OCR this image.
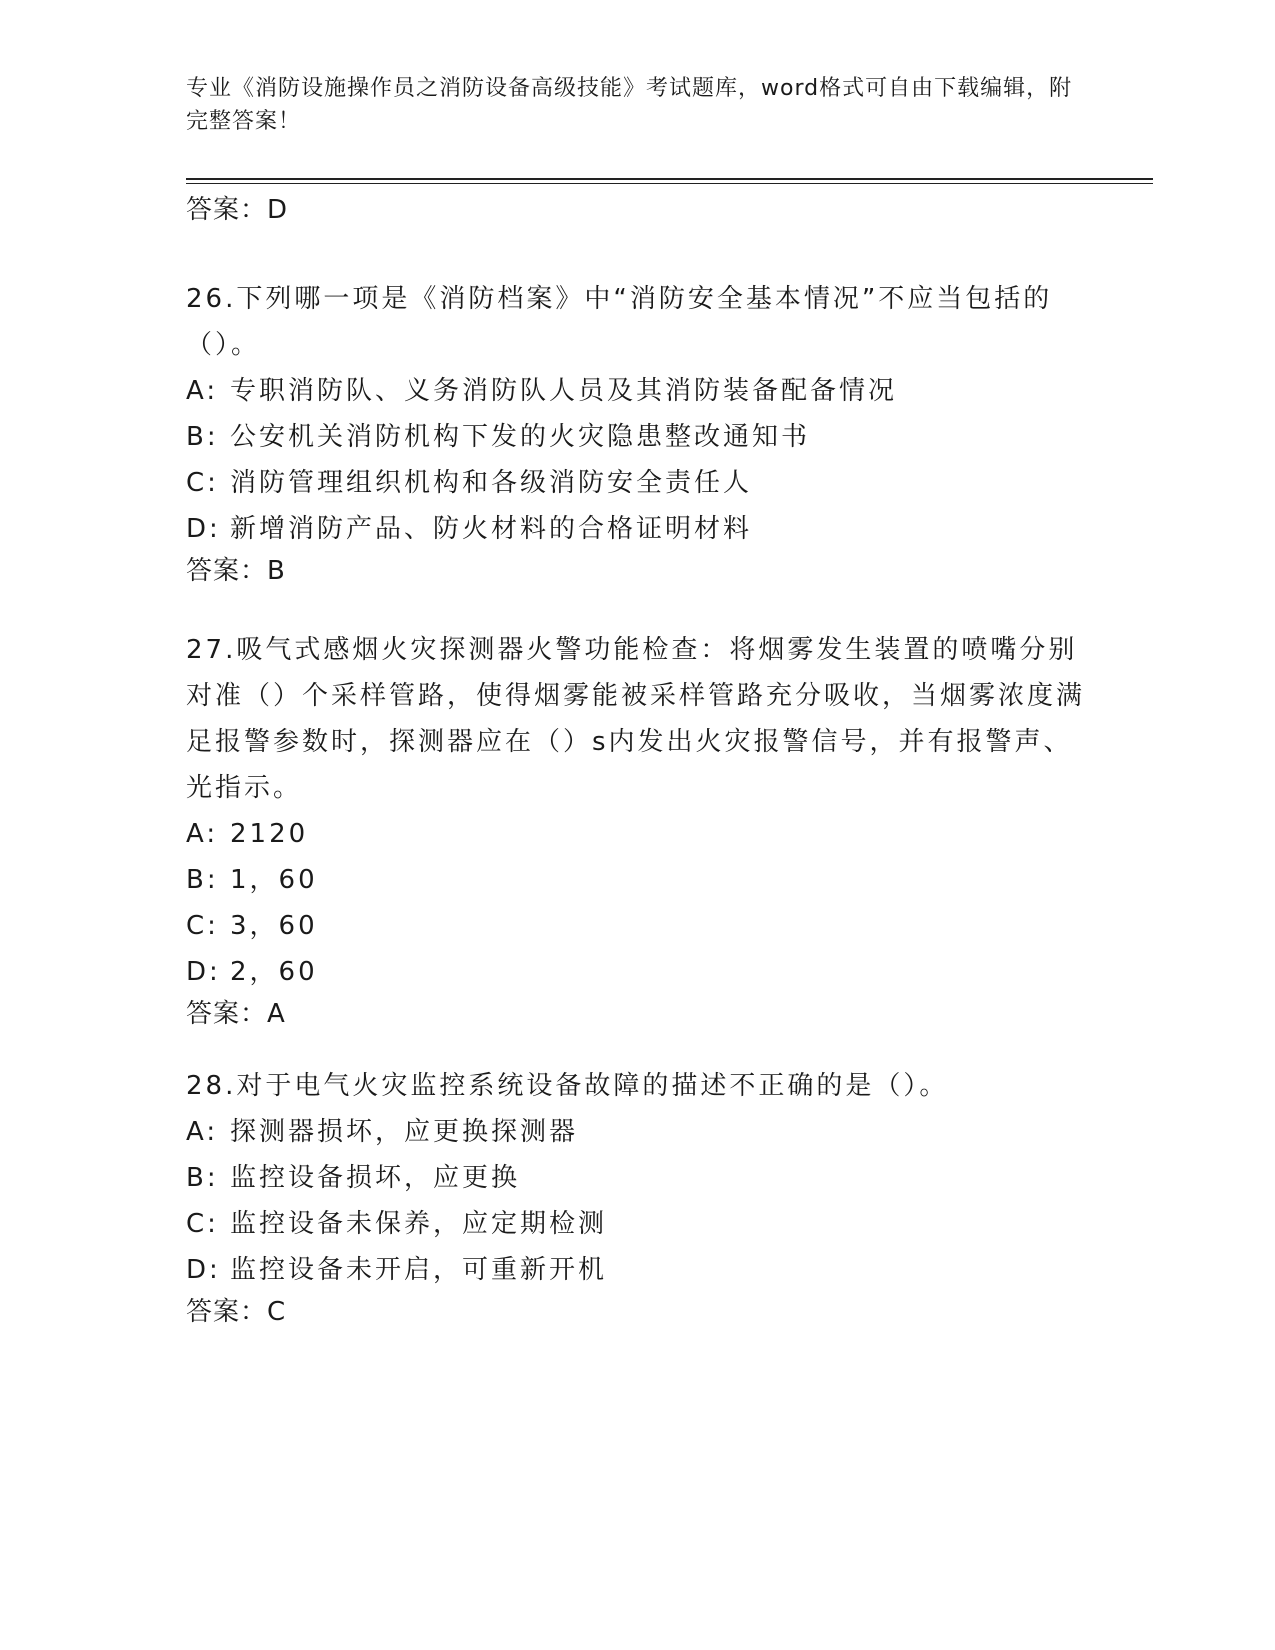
专业《消防设施操作员之消防设备高级技能》考试题库，word格式可自由下载编辑，附完整答案！
答案：D
26.下列哪一项是《消防档案》中“消防安全基本情况”不应当包括的（）。
A: 专职消防队、义务消防队人员及其消防装备配备情况
B: 公安机关消防机构下发的火灾隐患整改通知书
C: 消防管理组织机构和各级消防安全责任人
D: 新增消防产品、防火材料的合格证明材料
答案：B
27.吸气式感烟火灾探测器火警功能检查：将烟雾发生装置的喷嘴分别对准（）个采样管路，使得烟雾能被采样管路充分吸收，当烟雾浓度满足报警参数时，探测器应在（）s内发出火灾报警信号，并有报警声、光指示。
A: 2120
B: 1，60
C: 3，60
D: 2，60
答案：A
28.对于电气火灾监控系统设备故障的描述不正确的是（）。
A: 探测器损坏，应更换探测器
B: 监控设备损坏，应更换
C: 监控设备未保养，应定期检测
D: 监控设备未开启，可重新开机
答案：C
